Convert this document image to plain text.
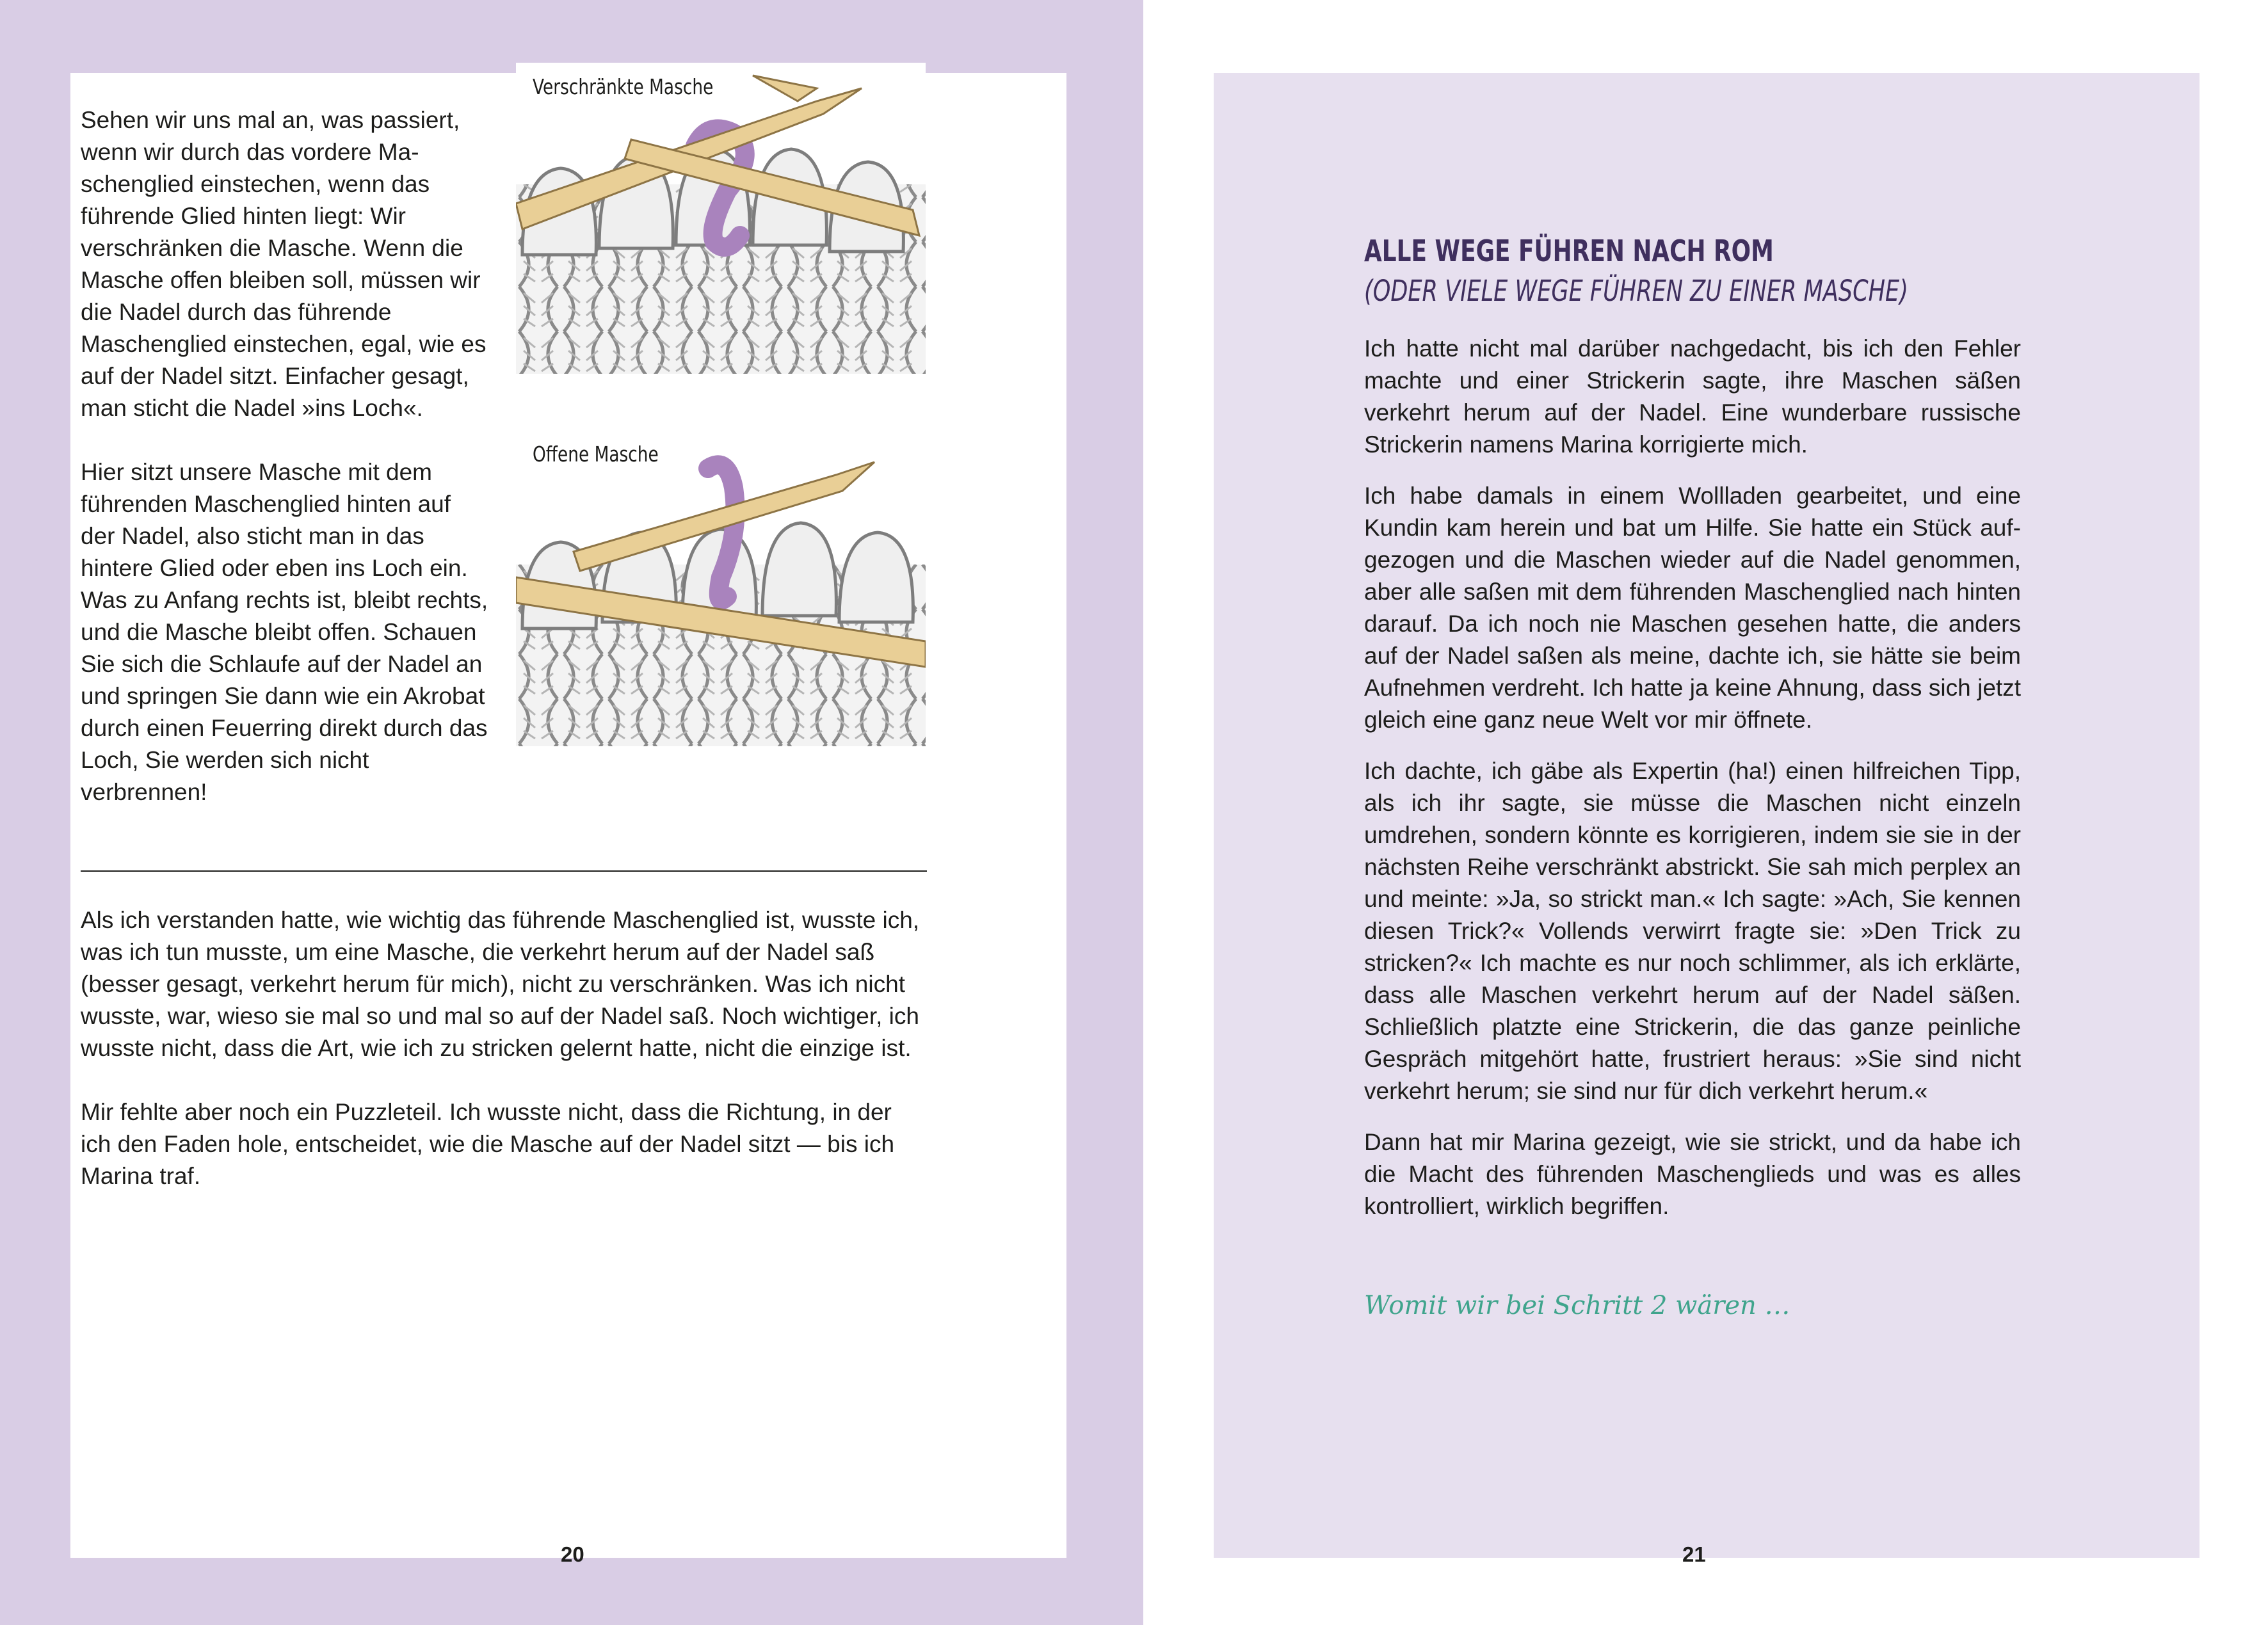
Sehen wir uns mal an, was passiert, wenn wir durch das vordere Maschenglied einstechen, wenn das führende Glied hinten liegt: Wir verschränken die Masche. Wenn die Masche offen bleiben soll, müssen wir die Nadel durch das führende Maschenglied einstechen, egal, wie es auf der Nadel sitzt. Einfacher gesagt, man sticht die Nadel »ins Loch«.

Hier sitzt unsere Masche mit dem führenden Maschenglied hinten auf der Nadel, also sticht man in das hintere Glied oder eben ins Loch ein. Was zu Anfang rechts ist, bleibt rechts, und die Masche bleibt offen. Schauen Sie sich die Schlaufe auf der Nadel an und springen Sie dann wie ein Akrobat durch einen Feuerring direkt durch das Loch, Sie werden sich nicht verbrennen!

Verschränkte Masche
Offene Masche

Als ich verstanden hatte, wie wichtig das führende Maschenglied ist, wusste ich, was ich tun musste, um eine Masche, die verkehrt herum auf der Nadel saß (besser gesagt, verkehrt herum für mich), nicht zu verschränken. Was ich nicht wusste, war, wieso sie mal so und mal so auf der Nadel saß. Noch wichtiger, ich wusste nicht, dass die Art, wie ich zu stricken gelernt hatte, nicht die einzige ist.

Mir fehlte aber noch ein Puzzleteil. Ich wusste nicht, dass die Richtung, in der ich den Faden hole, entscheidet, wie die Masche auf der Nadel sitzt — bis ich Marina traf.

20
ALLE WEGE FÜHREN NACH ROM
(ODER VIELE WEGE FÜHREN ZU EINER MASCHE)

Ich hatte nicht mal darüber nachgedacht, bis ich den Fehler machte und einer Strickerin sagte, ihre Maschen säßen verkehrt herum auf der Nadel. Eine wunderbare russische Strickerin namens Marina korrigierte mich.

Ich habe damals in einem Wollladen gearbeitet, und eine Kundin kam herein und bat um Hilfe. Sie hatte ein Stück aufgezogen und die Maschen wieder auf die Nadel genommen, aber alle saßen mit dem führenden Maschenglied nach hinten darauf. Da ich noch nie Maschen gesehen hatte, die anders auf der Nadel saßen als meine, dachte ich, sie hätte sie beim Aufnehmen verdreht. Ich hatte ja keine Ahnung, dass sich jetzt gleich eine ganz neue Welt vor mir öffnete.

Ich dachte, ich gäbe als Expertin (ha!) einen hilfreichen Tipp, als ich ihr sagte, sie müsse die Maschen nicht einzeln umdrehen, sondern könnte es korrigieren, indem sie sie in der nächsten Reihe verschränkt abstrickt. Sie sah mich perplex an und meinte: »Ja, so strickt man.« Ich sagte: »Ach, Sie kennen diesen Trick?« Vollends verwirrt fragte sie: »Den Trick zu stricken?« Ich machte es nur noch schlimmer, als ich erklärte, dass alle Maschen verkehrt herum auf der Nadel säßen. Schließlich platzte eine Strickerin, die das ganze peinliche Gespräch mitgehört hatte, frustriert heraus: »Sie sind nicht verkehrt herum; sie sind nur für dich verkehrt herum.«

Dann hat mir Marina gezeigt, wie sie strickt, und da habe ich die Macht des führenden Maschenglieds und was es alles kontrolliert, wirklich begriffen.

Womit wir bei Schritt 2 wären …
21
